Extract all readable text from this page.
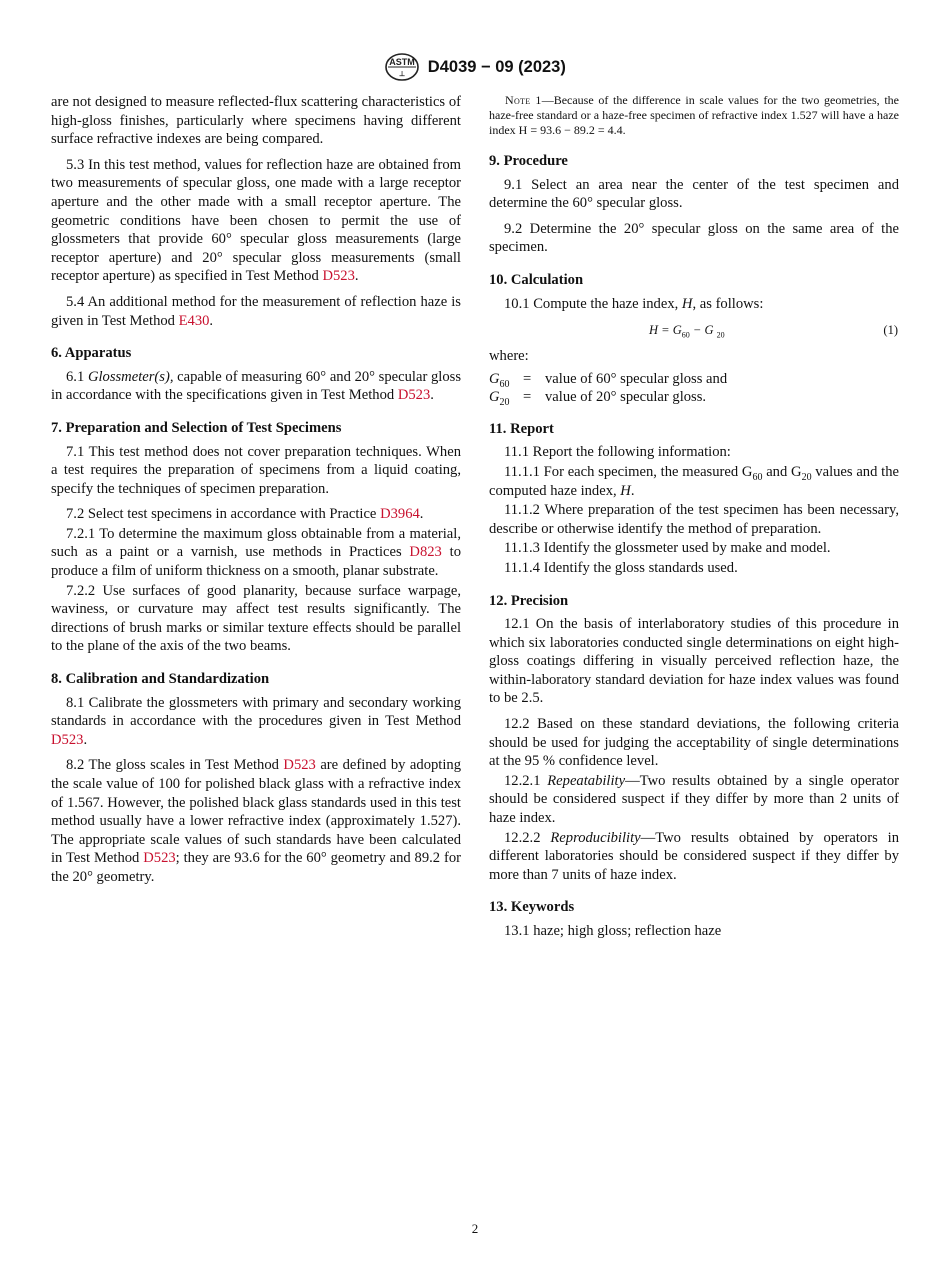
ASTM
⊥ D4039 − 09 (2023)

are not designed to measure reflected-flux scattering characteristics of high-gloss finishes, particularly where specimens having different surface refractive indexes are being compared.

5.3 In this test method, values for reflection haze are obtained from two measurements of specular gloss, one made with a large receptor aperture and the other made with a small receptor aperture. The geometric conditions have been chosen to permit the use of glossmeters that provide 60° specular gloss measurements (large receptor aperture) and 20° specular gloss measurements (small receptor aperture) as specified in Test Method D523.

5.4 An additional method for the measurement of reflection haze is given in Test Method E430.

6. Apparatus

6.1 Glossmeter(s), capable of measuring 60° and 20° specular gloss in accordance with the specifications given in Test Method D523.

7. Preparation and Selection of Test Specimens

7.1 This test method does not cover preparation techniques. When a test requires the preparation of specimens from a liquid coating, specify the techniques of specimen preparation.

7.2 Select test specimens in accordance with Practice D3964.

7.2.1 To determine the maximum gloss obtainable from a material, such as a paint or a varnish, use methods in Practices D823 to produce a film of uniform thickness on a smooth, planar substrate.

7.2.2 Use surfaces of good planarity, because surface warpage, waviness, or curvature may affect test results significantly. The directions of brush marks or similar texture effects should be parallel to the plane of the axis of the two beams.

8. Calibration and Standardization

8.1 Calibrate the glossmeters with primary and secondary working standards in accordance with the procedures given in Test Method D523.

8.2 The gloss scales in Test Method D523 are defined by adopting the scale value of 100 for polished black glass with a refractive index of 1.567. However, the polished black glass standards used in this test method usually have a lower refractive index (approximately 1.527). The appropriate scale values of such standards have been calculated in Test Method D523; they are 93.6 for the 60° geometry and 89.2 for the 20° geometry.

Note 1—Because of the difference in scale values for the two geometries, the haze-free standard or a haze-free specimen of refractive index 1.527 will have a haze index H = 93.6 − 89.2 = 4.4.
9. Procedure

9.1 Select an area near the center of the test specimen and determine the 60° specular gloss.

9.2 Determine the 20° specular gloss on the same area of the specimen.

10. Calculation

10.1 Compute the haze index, H, as follows:

$H = G_{60} - G$ $_{20}$	(1)

where:

$G_{60}$ = value of 60° specular gloss and
$G_{20}$ = value of 20° specular gloss.
11. Report

11.1 Report the following information:

11.1.1 For each specimen, the measured $G_{60}$ and $G_{20}$ values and the computed haze index, H.

11.1.2 Where preparation of the test specimen has been necessary, describe or otherwise identify the method of preparation.

11.1.3 Identify the glossmeter used by make and model.

11.1.4 Identify the gloss standards used.

12. Precision

12.1 On the basis of interlaboratory studies of this procedure in which six laboratories conducted single determinations on eight high-gloss coatings differing in visually perceived reflection haze, the within-laboratory standard deviation for haze index values was found to be 2.5.

12.2 Based on these standard deviations, the following criteria should be used for judging the acceptability of single determinations at the 95 % confidence level.

12.2.1 Repeatability—Two results obtained by a single operator should be considered suspect if they differ by more than 2 units of haze index.

12.2.2 Reproducibility—Two results obtained by operators in different laboratories should be considered suspect if they differ by more than 7 units of haze index.

13. Keywords

13.1 haze; high gloss; reflection haze

2
